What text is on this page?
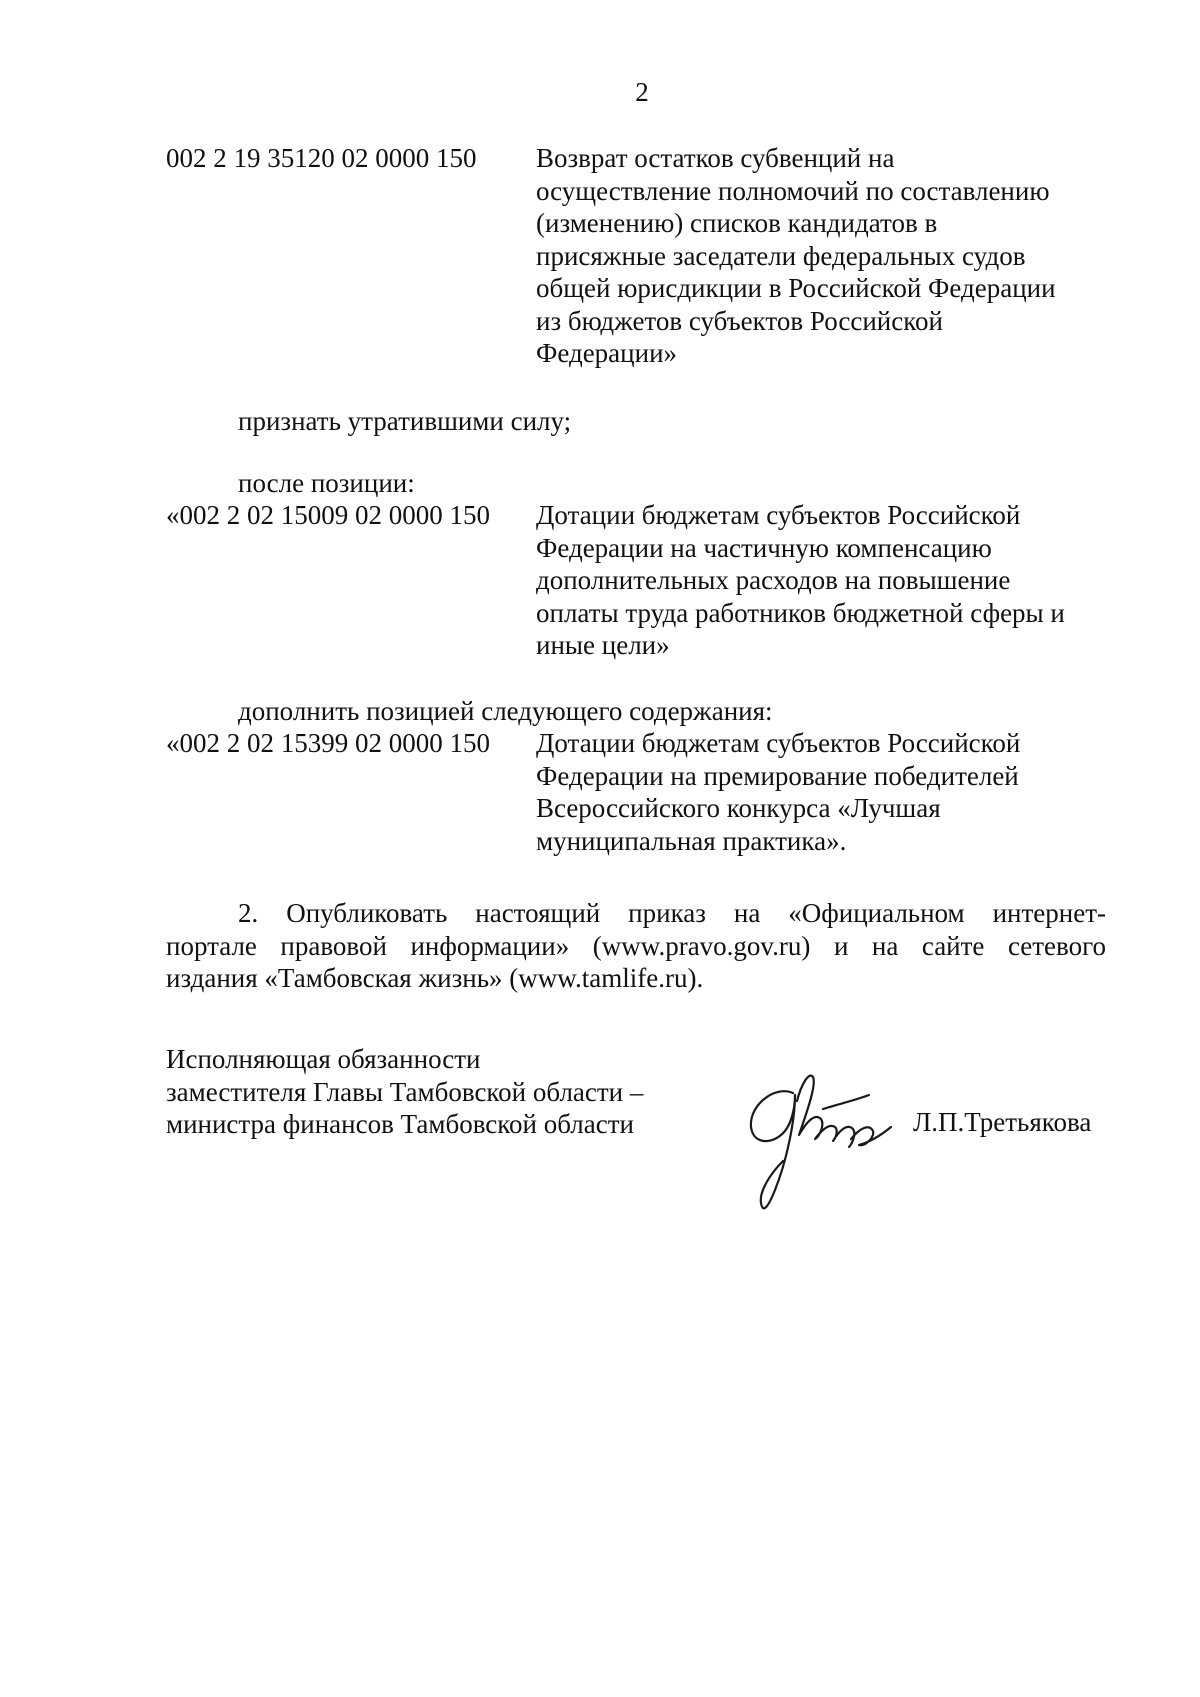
2
002 2 19 35120 02 0000 150 Возврат остатков субвенций на
осуществление полномочий по составлению
(изменению) списков кандидатов в
присяжные заседатели федеральных судов
общей юрисдикции в Российской Федерации
из бюджетов субъектов Российской
Федерации»
признать утратившими силу;
после позиции:
«002 2 02 15009 02 0000 150 Дотации бюджетам субъектов Российской
Федерации на частичную компенсацию
дополнительных расходов на повышение
оплаты труда работников бюджетной сферы и
иные цели»
дополнить позицией следующего содержания:
«002 2 02 15399 02 0000 150 Дотации бюджетам субъектов Российской
Федерации на премирование победителей
Всероссийского конкурса «Лучшая
муниципальная практика».
2. Опубликовать настоящий приказ на «Официальном интернет-
портале правовой информации» (www.pravo.gov.ru) и на сайте сетевого
издания «Тамбовская жизнь» (www.tamlife.ru).
Исполняющая обязанности
заместителя Главы Тамбовской области –
министра финансов Тамбовской области	Л.П.Третьякова
